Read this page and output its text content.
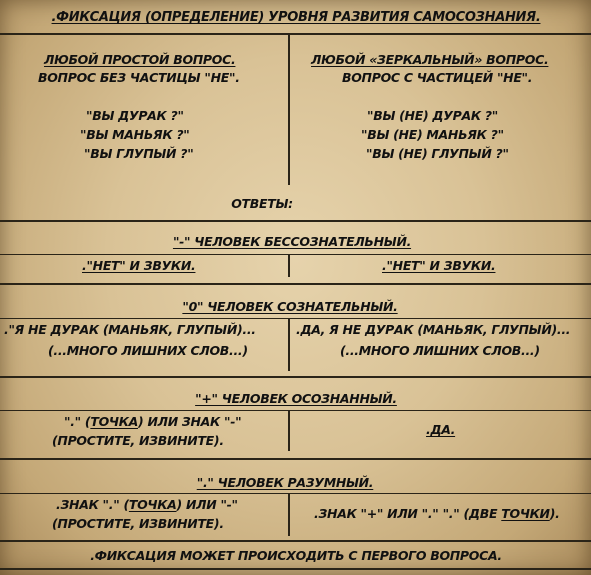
.ФИКСАЦИЯ (ОПРЕДЕЛЕНИЕ) УРОВНЯ РАЗВИТИЯ САМОСОЗНАНИЯ.
ЛЮБОЙ ПРОСТОЙ ВОПРОС.
ВОПРОС БЕЗ ЧАСТИЦЫ "НЕ".
"ВЫ ДУРАК ?"
"ВЫ МАНЬЯК ?"
"ВЫ ГЛУПЫЙ ?"
ЛЮБОЙ «ЗЕРКАЛЬНЫЙ» ВОПРОС.
ВОПРОС С ЧАСТИЦЕЙ "НЕ".
"ВЫ (НЕ) ДУРАК ?"
"ВЫ (НЕ) МАНЬЯК ?"
"ВЫ (НЕ) ГЛУПЫЙ ?"
ОТВЕТЫ:
"-" ЧЕЛОВЕК БЕССОЗНАТЕЛЬНЫЙ.
."НЕТ" И ЗВУКИ.	."НЕТ" И ЗВУКИ.
"0" ЧЕЛОВЕК СОЗНАТЕЛЬНЫЙ.
."Я НЕ ДУРАК (МАНЬЯК, ГЛУПЫЙ)...
(...МНОГО ЛИШНИХ СЛОВ...)
.ДА, Я НЕ ДУРАК (МАНЬЯК, ГЛУПЫЙ)...
(...МНОГО ЛИШНИХ СЛОВ...)
"+" ЧЕЛОВЕК ОСОЗНАННЫЙ.
"." (ТОЧКА) ИЛИ ЗНАК "-"
(ПРОСТИТЕ, ИЗВИНИТЕ).
.ДА.
"." ЧЕЛОВЕК РАЗУМНЫЙ.
.ЗНАК "." (ТОЧКА) ИЛИ "-"
(ПРОСТИТЕ, ИЗВИНИТЕ).
.ЗНАК "+" ИЛИ "." "." (ДВЕ ТОЧКИ).
.ФИКСАЦИЯ МОЖЕТ ПРОИСХОДИТЬ С ПЕРВОГО ВОПРОСА.
